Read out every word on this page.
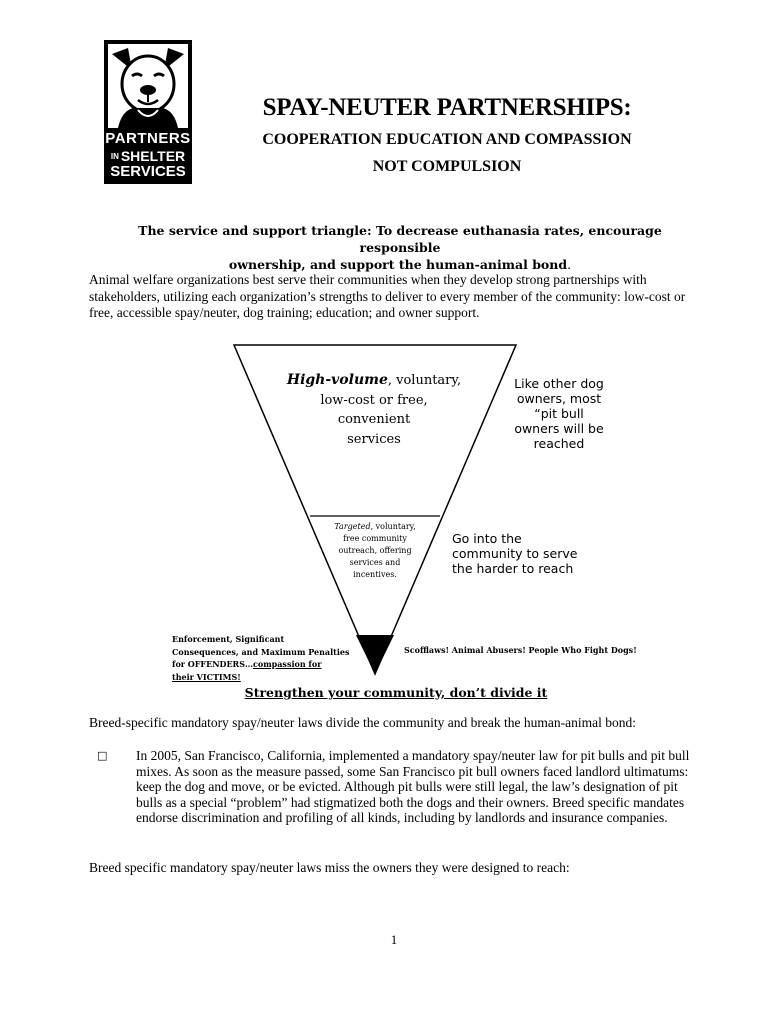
PARTNERS
IN SHELTER
SERVICES
SPAY-NEUTER PARTNERSHIPS:
COOPERATION EDUCATION AND COMPASSION
NOT COMPULSION
The service and support triangle: To decrease euthanasia rates, encourage responsible
ownership, and support the human-animal bond.
Animal welfare organizations best serve their communities when they develop strong partnerships with stakeholders, utilizing each organization’s strengths to deliver to every member of the community: low-cost or free, accessible spay/neuter, dog training; education; and owner support.
High-volume, voluntary,
low-cost or free,
convenient
services
Targeted, voluntary,
free community
outreach, offering
services and
incentives.
Like other dog
owners, most
“pit bull
owners will be
reached
Go into the
community to serve
the harder to reach
Enforcement, Significant
Consequences, and Maximum Penalties
for OFFENDERS…compassion for
their VICTIMS!
Scofflaws! Animal Abusers! People Who Fight Dogs!
Strengthen your community, don’t divide it
Breed-specific mandatory spay/neuter laws divide the community and break the human-animal bond:
□ In 2005, San Francisco, California, implemented a mandatory spay/neuter law for pit bulls and pit bull mixes. As soon as the measure passed, some San Francisco pit bull owners faced landlord ultimatums: keep the dog and move, or be evicted. Although pit bulls were still legal, the law’s designation of pit bulls as a special “problem” had stigmatized both the dogs and their owners. Breed specific mandates endorse discrimination and profiling of all kinds, including by landlords and insurance companies.
Breed specific mandatory spay/neuter laws miss the owners they were designed to reach:
1
